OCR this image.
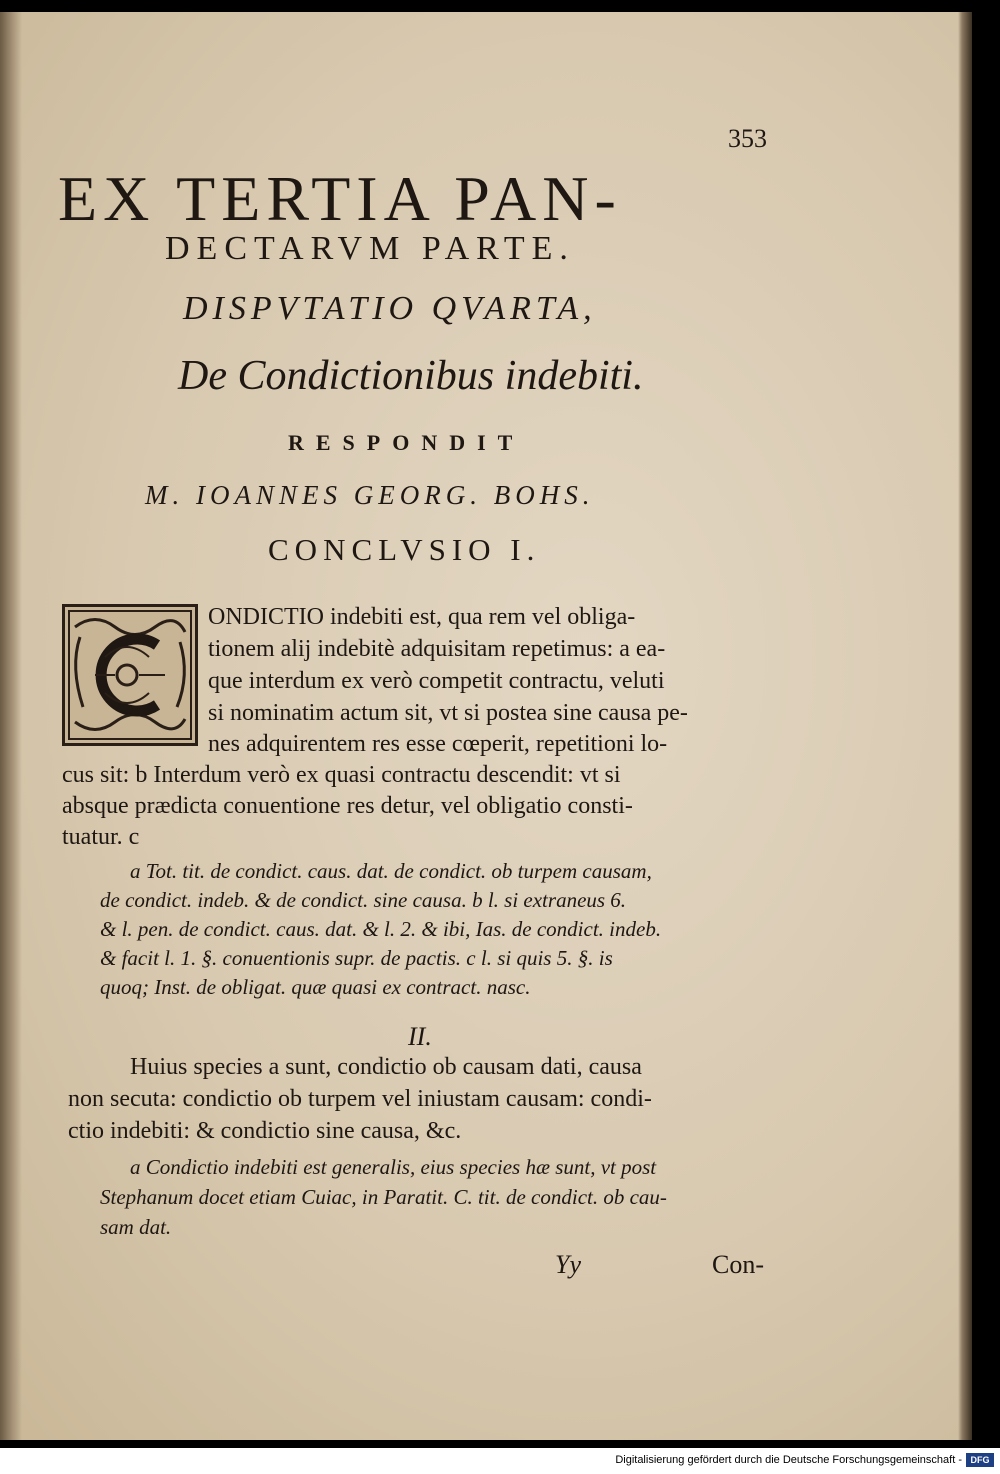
353
EX TERTIA PAN-
DECTARVM PARTE.
DISPVTATIO QVARTA,
De Condictionibus indebiti.
RESPONDIT
M. IOANNES GEORG. BOHS.
CONCLVSIO I.
ONDICTIO indebiti est, qua rem vel obliga-
tionem alij indebitè adquisitam repetimus: a ea-
que interdum ex verò competit contractu, veluti
si nominatim actum sit, vt si postea sine causa pe-
nes adquirentem res esse cœperit, repetitioni lo-
cus sit: b Interdum verò ex quasi contractu descendit: vt si
absque prædicta conuentione res detur, vel obligatio consti-
tuatur. c
a Tot. tit. de condict. caus. dat. de condict. ob turpem causam,
de condict. indeb. & de condict. sine causa. b l. si extraneus 6.
& l. pen. de condict. caus. dat. & l. 2. & ibi, Ias. de condict. indeb.
& facit l. 1. §. conuentionis supr. de pactis. c l. si quis 5. §. is
quoq; Inst. de obligat. quæ quasi ex contract. nasc.
II.
Huius species a sunt, condictio ob causam dati, causa
non secuta: condictio ob turpem vel iniustam causam: condi-
ctio indebiti: & condictio sine causa, &c.
a Condictio indebiti est generalis, eius species hæ sunt, vt post
Stephanum docet etiam Cuiac, in Paratit. C. tit. de condict. ob cau-
sam dat.
Yy	Con-
Digitalisierung gefördert durch die Deutsche Forschungsgemeinschaft - DFG
